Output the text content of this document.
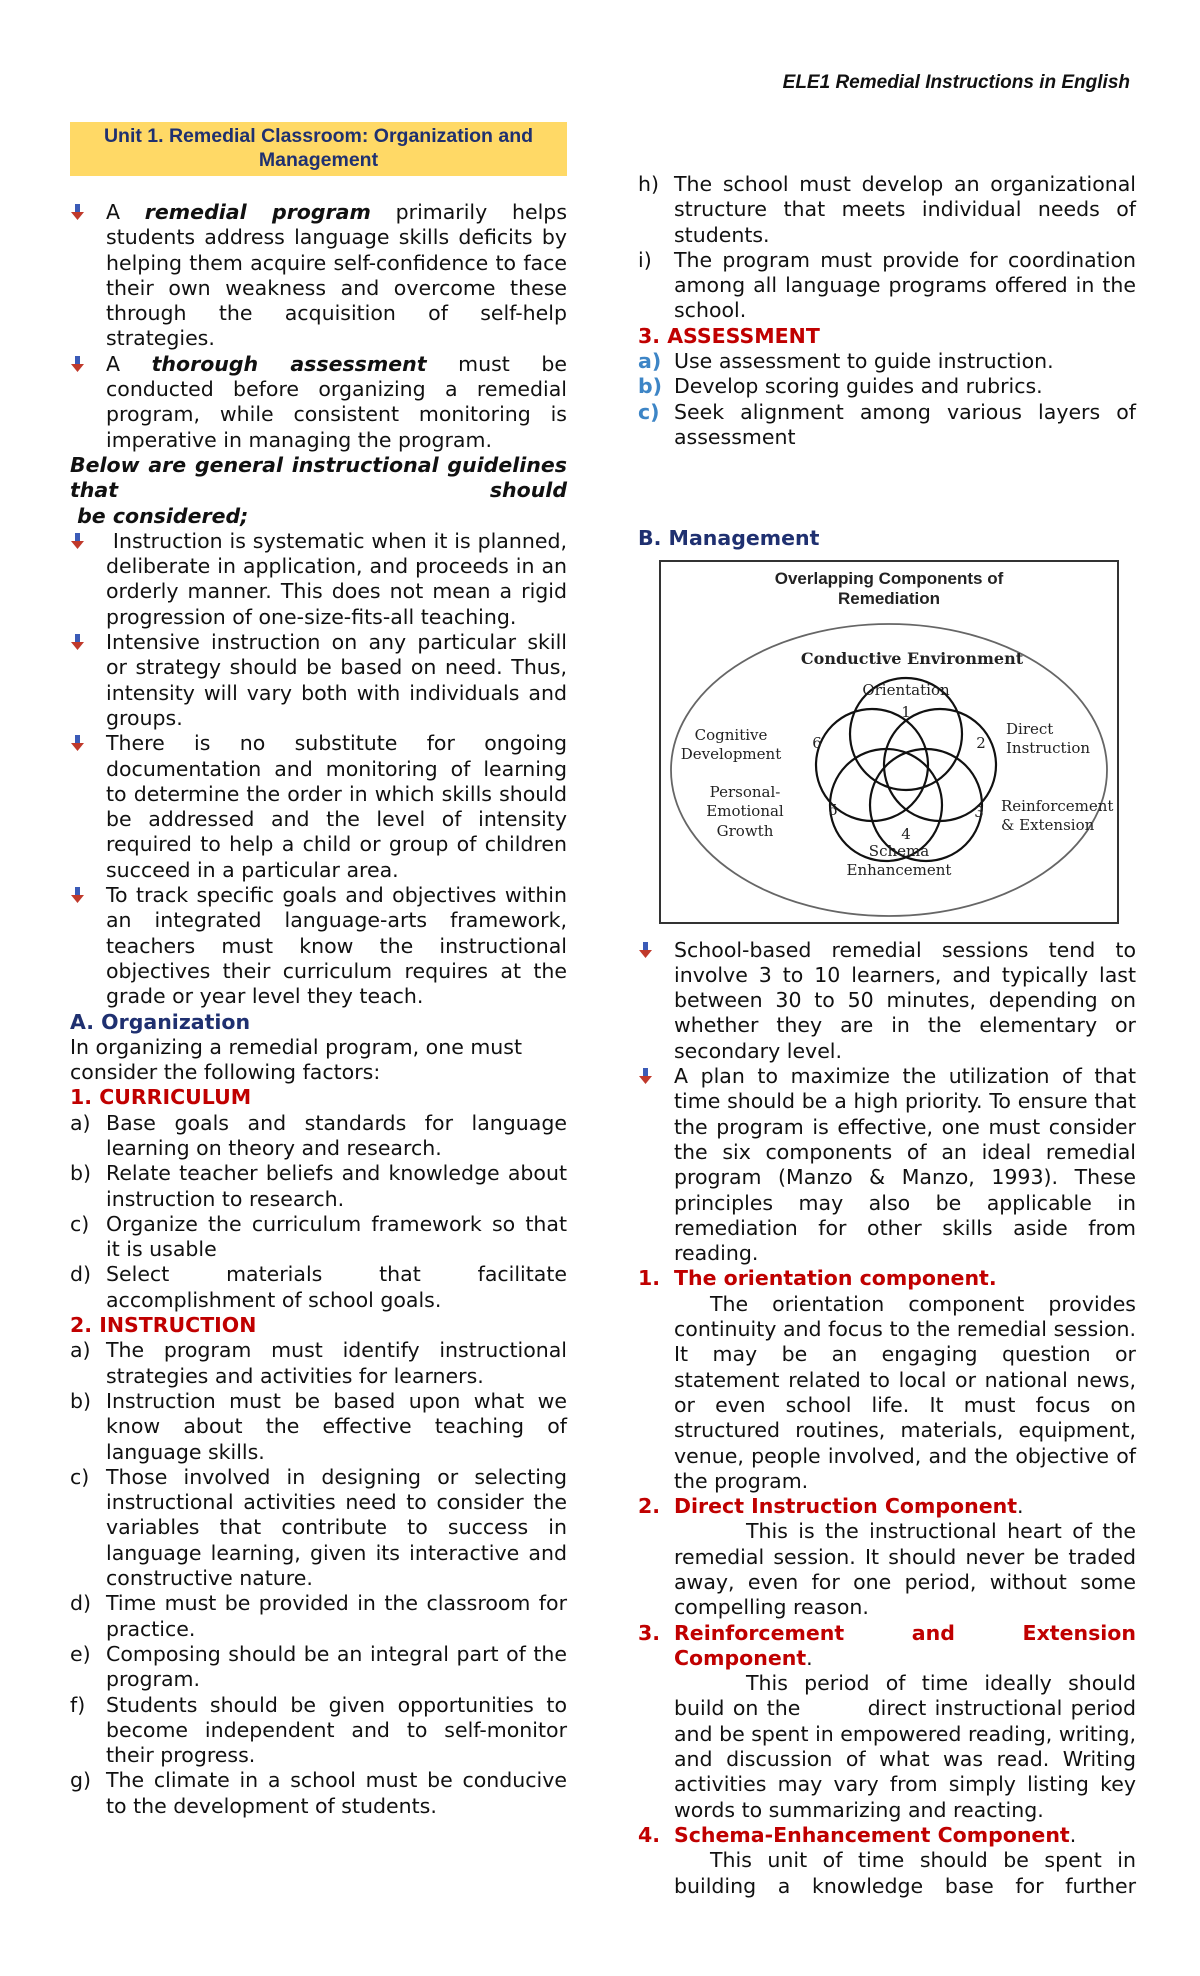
ELE1 Remedial Instructions in English
Unit 1. Remedial Classroom: Organization and Management
A remedial program primarily helps students address language skills deficits by helping them acquire self-confidence to face their own weakness and overcome these through the acquisition of self-help strategies.
A thorough assessment must be conducted before organizing a remedial program, while consistent monitoring is imperative in managing the program.
Below are general instructional guidelines that should
be considered;
Instruction is systematic when it is planned, deliberate in application, and proceeds in an orderly manner. This does not mean a rigid progression of one-size-fits-all teaching.
Intensive instruction on any particular skill or strategy should be based on need. Thus, intensity will vary both with individuals and groups.
There is no substitute for ongoing documentation and monitoring of learning to determine the order in which skills should be addressed and the level of intensity required to help a child or group of children succeed in a particular area.
To track specific goals and objectives within an integrated language-arts framework, teachers must know the instructional objectives their curriculum requires at the grade or year level they teach.
A. Organization
In organizing a remedial program, one must consider the following factors:
1. CURRICULUM
a) Base goals and standards for language learning on theory and research.
b) Relate teacher beliefs and knowledge about instruction to research.
c) Organize the curriculum framework so that it is usable
d) Select materials that facilitate accomplishment of school goals.
2. INSTRUCTION
a) The program must identify instructional strategies and activities for learners.
b) Instruction must be based upon what we know about the effective teaching of language skills.
c) Those involved in designing or selecting instructional activities need to consider the variables that contribute to success in language learning, given its interactive and constructive nature.
d) Time must be provided in the classroom for practice.
e) Composing should be an integral part of the program.
f) Students should be given opportunities to become independent and to self-monitor their progress.
g) The climate in a school must be conducive to the development of students.
h) The school must develop an organizational structure that meets individual needs of students.
i) The program must provide for coordination among all language programs offered in the school.
3. ASSESSMENT
a) Use assessment to guide instruction.
b) Develop scoring guides and rubrics.
c) Seek alignment among various layers of assessment
B. Management
Overlapping Components of
Remediation
Conductive Environment
Orientation
1
2
3
4
5
6
Direct
Instruction
Reinforcement
& Extension
Schema
Enhancement
Personal-
Emotional
Growth
Cognitive
Development
School-based remedial sessions tend to involve 3 to 10 learners, and typically last between 30 to 50 minutes, depending on whether they are in the elementary or secondary level.
A plan to maximize the utilization of that time should be a high priority. To ensure that the program is effective, one must consider the six components of an ideal remedial program (Manzo & Manzo, 1993). These principles may also be applicable in remediation for other skills aside from reading.
1. The orientation component.
The orientation component provides continuity and focus to the remedial session. It may be an engaging question or statement related to local or national news, or even school life. It must focus on structured routines, materials, equipment, venue, people involved, and the objective of the program.
2. Direct Instruction Component.
This is the instructional heart of the remedial session. It should never be traded away, even for one period, without some compelling reason.
3. Reinforcement and Extension Component.
This period of time ideally should build on the        direct instructional period and be spent in empowered reading, writing, and discussion of what was read. Writing activities may vary from simply listing key words to summarizing and reacting.
4. Schema-Enhancement Component.
This unit of time should be spent in building a knowledge base for further
